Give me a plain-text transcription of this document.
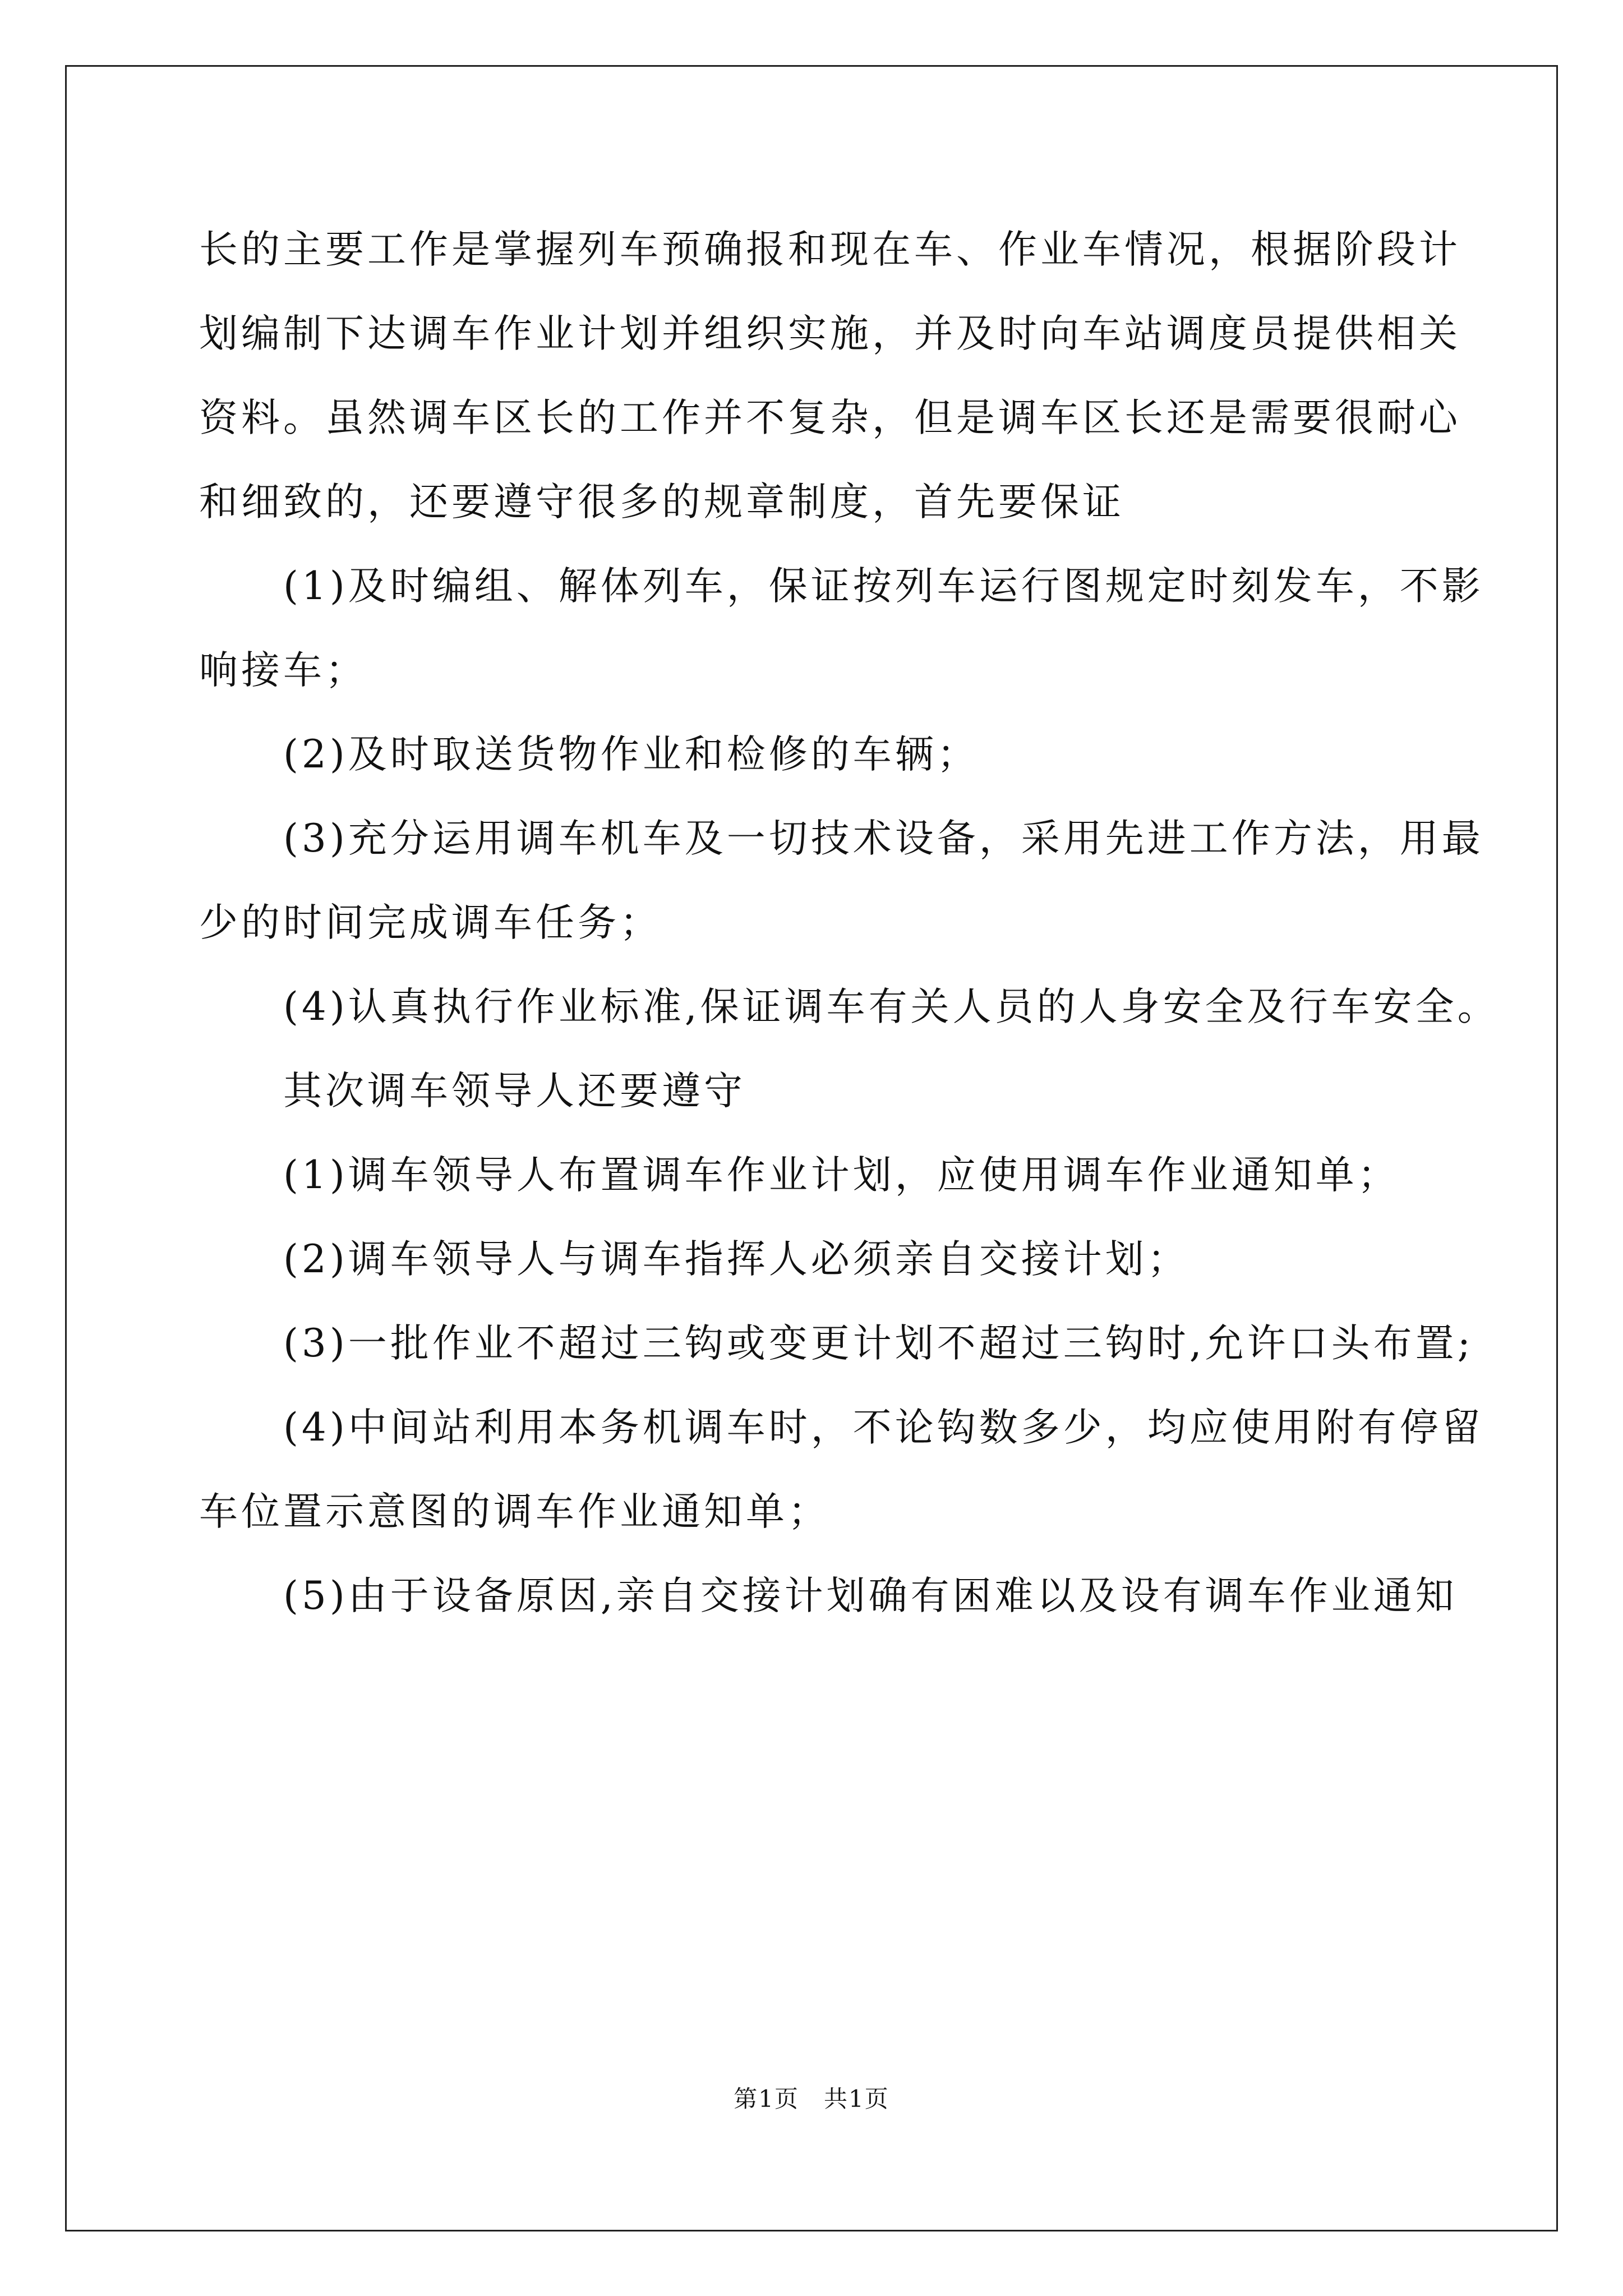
长的主要工作是掌握列车预确报和现在车、作业车情况，根据阶段计
划编制下达调车作业计划并组织实施，并及时向车站调度员提供相关
资料。虽然调车区长的工作并不复杂，但是调车区长还是需要很耐心
和细致的，还要遵守很多的规章制度，首先要保证
(1)及时编组、解体列车，保证按列车运行图规定时刻发车，不影
响接车；
(2)及时取送货物作业和检修的车辆；
(3)充分运用调车机车及一切技术设备，采用先进工作方法，用最
少的时间完成调车任务；
(4)认真执行作业标准,保证调车有关人员的人身安全及行车安全。
其次调车领导人还要遵守
(1)调车领导人布置调车作业计划，应使用调车作业通知单；
(2)调车领导人与调车指挥人必须亲自交接计划；
(3)一批作业不超过三钩或变更计划不超过三钩时,允许口头布置;
(4)中间站利用本务机调车时，不论钩数多少，均应使用附有停留
车位置示意图的调车作业通知单；
(5)由于设备原因,亲自交接计划确有困难以及设有调车作业通知
第1页　共1页
